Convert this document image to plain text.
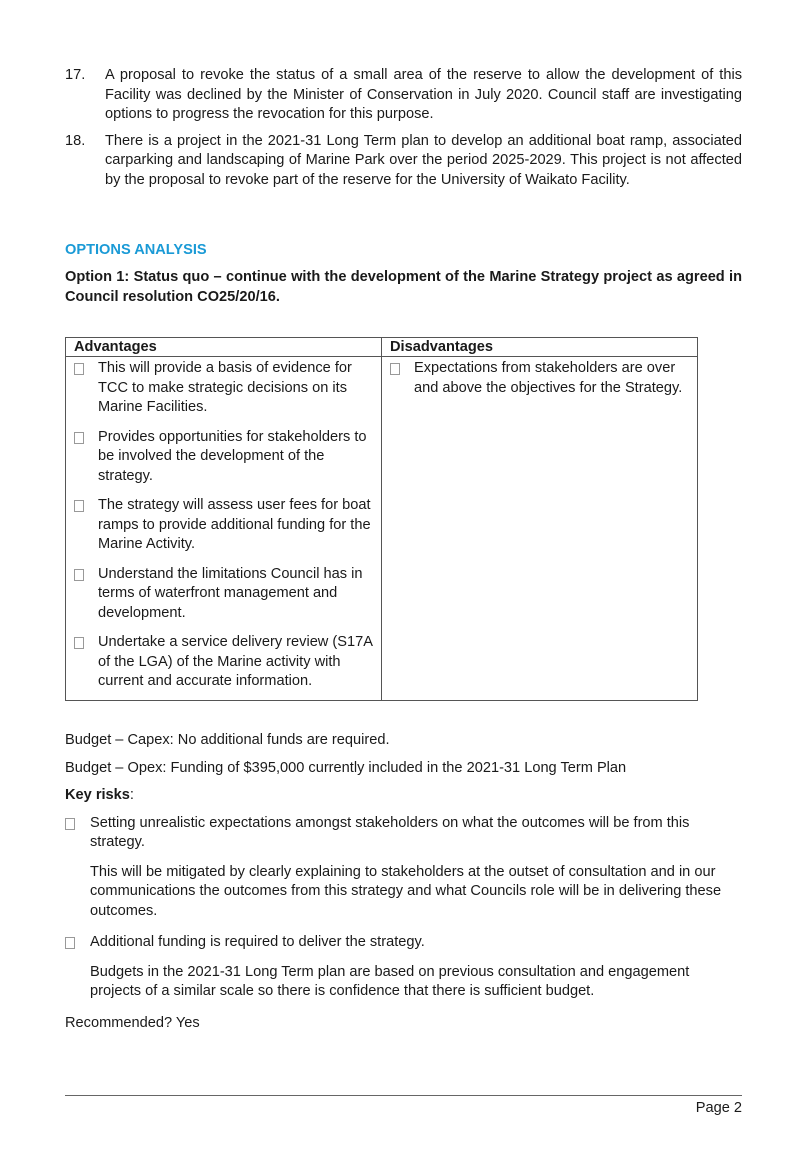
17.	A proposal to revoke the status of a small area of the reserve to allow the development of this Facility was declined by the Minister of Conservation in July 2020. Council staff are investigating options to progress the revocation for this purpose.
18.	There is a project in the 2021-31 Long Term plan to develop an additional boat ramp, associated carparking and landscaping of Marine Park over the period 2025-2029. This project is not affected by the proposal to revoke part of the reserve for the University of Waikato Facility.
OPTIONS ANALYSIS
Option 1: Status quo – continue with the development of the Marine Strategy project as agreed in Council resolution CO25/20/16.
Advantages	Disadvantages

This will provide a basis of evidence for TCC to make strategic decisions on its Marine Facilities.
Provides opportunities for stakeholders to be involved the development of the strategy.
The strategy will assess user fees for boat ramps to provide additional funding for the Marine Activity.
Understand the limitations Council has in terms of waterfront management and development.
Undertake a service delivery review (S17A of the LGA) of the Marine activity with current and accurate information.	Expectations from stakeholders are over and above the objectives for the Strategy.

Budget – Capex: No additional funds are required.

Budget – Opex: Funding of $395,000 currently included in the 2021-31 Long Term Plan

Key risks:
Setting unrealistic expectations amongst stakeholders on what the outcomes will be from this strategy.
This will be mitigated by clearly explaining to stakeholders at the outset of consultation and in our communications the outcomes from this strategy and what Councils role will be in delivering these outcomes.
Additional funding is required to deliver the strategy.
Budgets in the 2021-31 Long Term plan are based on previous consultation and engagement projects of a similar scale so there is confidence that there is sufficient budget.

Recommended? Yes

Page 2
